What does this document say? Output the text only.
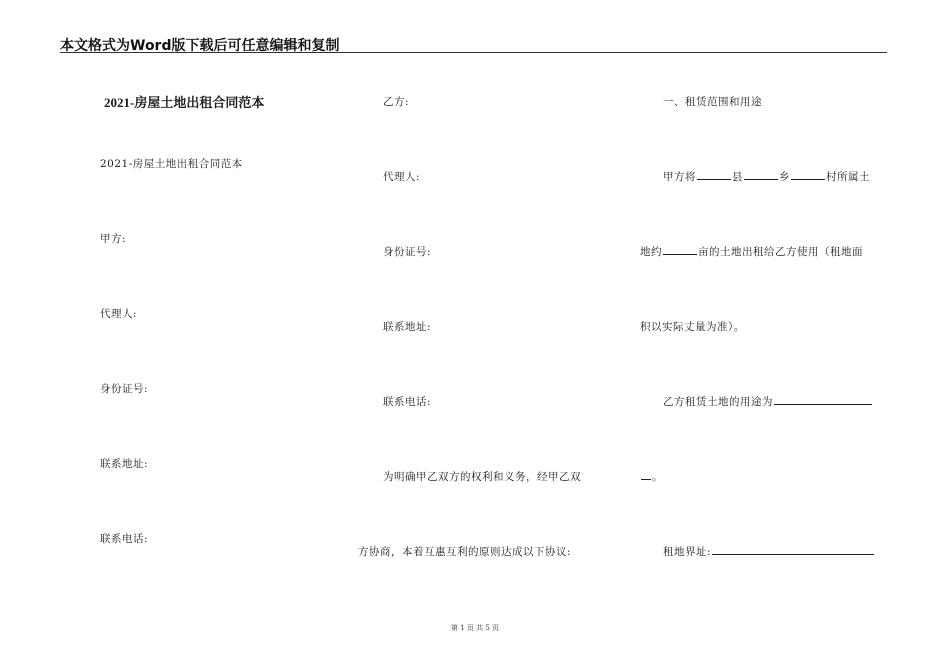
本文格式为Word版下载后可任意编辑和复制
2021-房屋土地出租合同范本
2021-房屋土地出租合同范本
甲方:
代理人:
身份证号:
联系地址:
联系电话:
乙方:
代理人:
身份证号:
联系地址:
联系电话:
为明确甲乙双方的权利和义务，经甲乙双
方协商，本着互惠互利的原则达成以下协议:
一、租赁范围和用途
甲方将	县	乡	村所属土
地约	亩的土地出租给乙方使用（租地面
积以实际丈量为准）。
乙方租赁土地的用途为
。
租地界址:
第 1 页 共 5 页
